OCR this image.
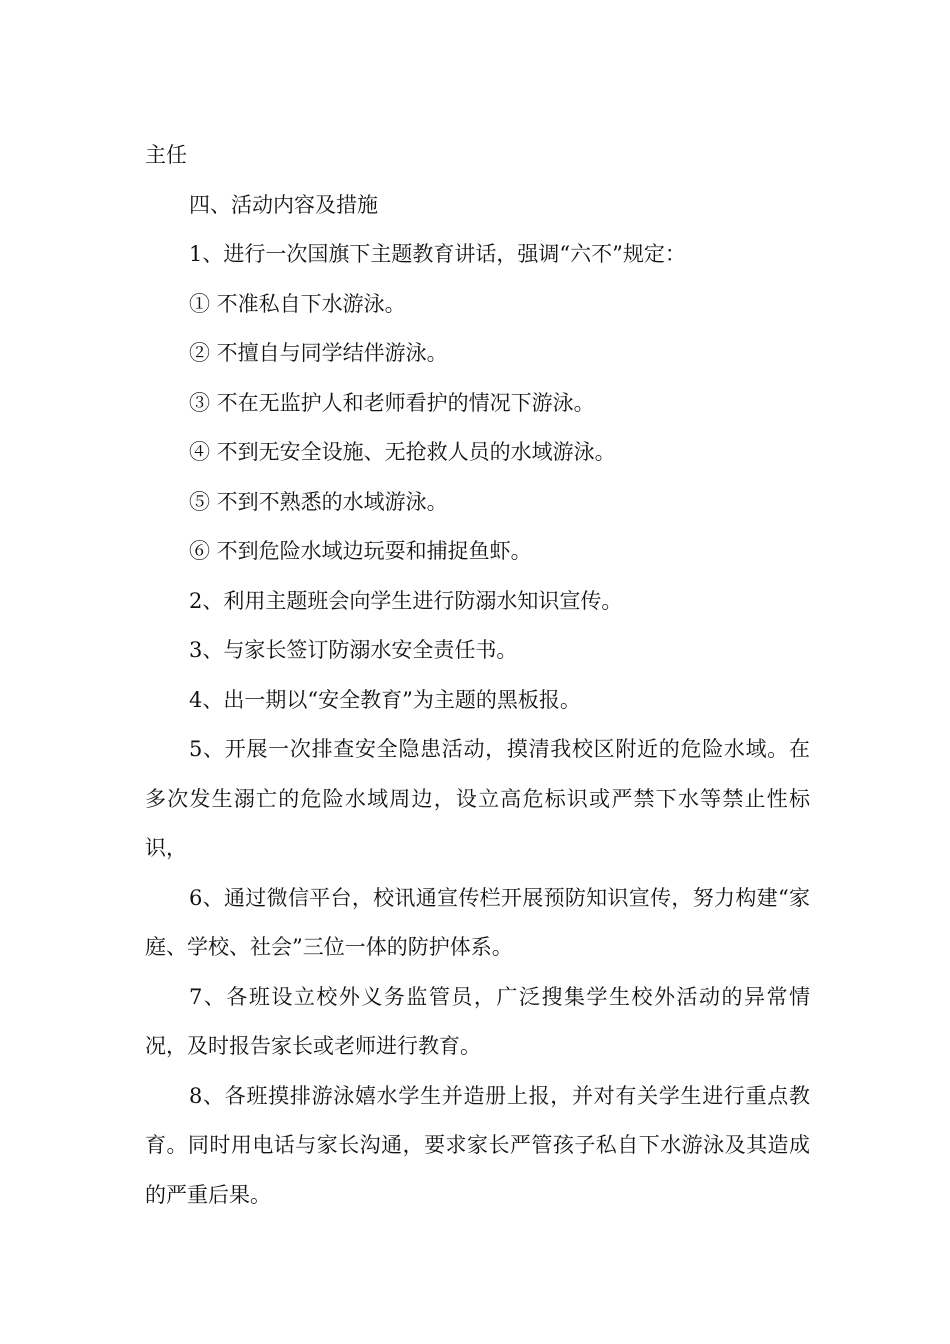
主任

四、活动内容及措施

1、进行一次国旗下主题教育讲话，强调“六不”规定：

① 不准私自下水游泳。

② 不擅自与同学结伴游泳。

③ 不在无监护人和老师看护的情况下游泳。

④ 不到无安全设施、无抢救人员的水域游泳。

⑤ 不到不熟悉的水域游泳。

⑥ 不到危险水域边玩耍和捕捉鱼虾。

2、利用主题班会向学生进行防溺水知识宣传。

3、与家长签订防溺水安全责任书。

4、出一期以“安全教育”为主题的黑板报。

5、开展一次排查安全隐患活动，摸清我校区附近的危险水域。在多次发生溺亡的危险水域周边，设立高危标识或严禁下水等禁止性标识，

6、通过微信平台，校讯通宣传栏开展预防知识宣传，努力构建“家庭、学校、社会”三位一体的防护体系。

7、各班设立校外义务监管员，广泛搜集学生校外活动的异常情况，及时报告家长或老师进行教育。

8、各班摸排游泳嬉水学生并造册上报，并对有关学生进行重点教育。同时用电话与家长沟通，要求家长严管孩子私自下水游泳及其造成的严重后果。
